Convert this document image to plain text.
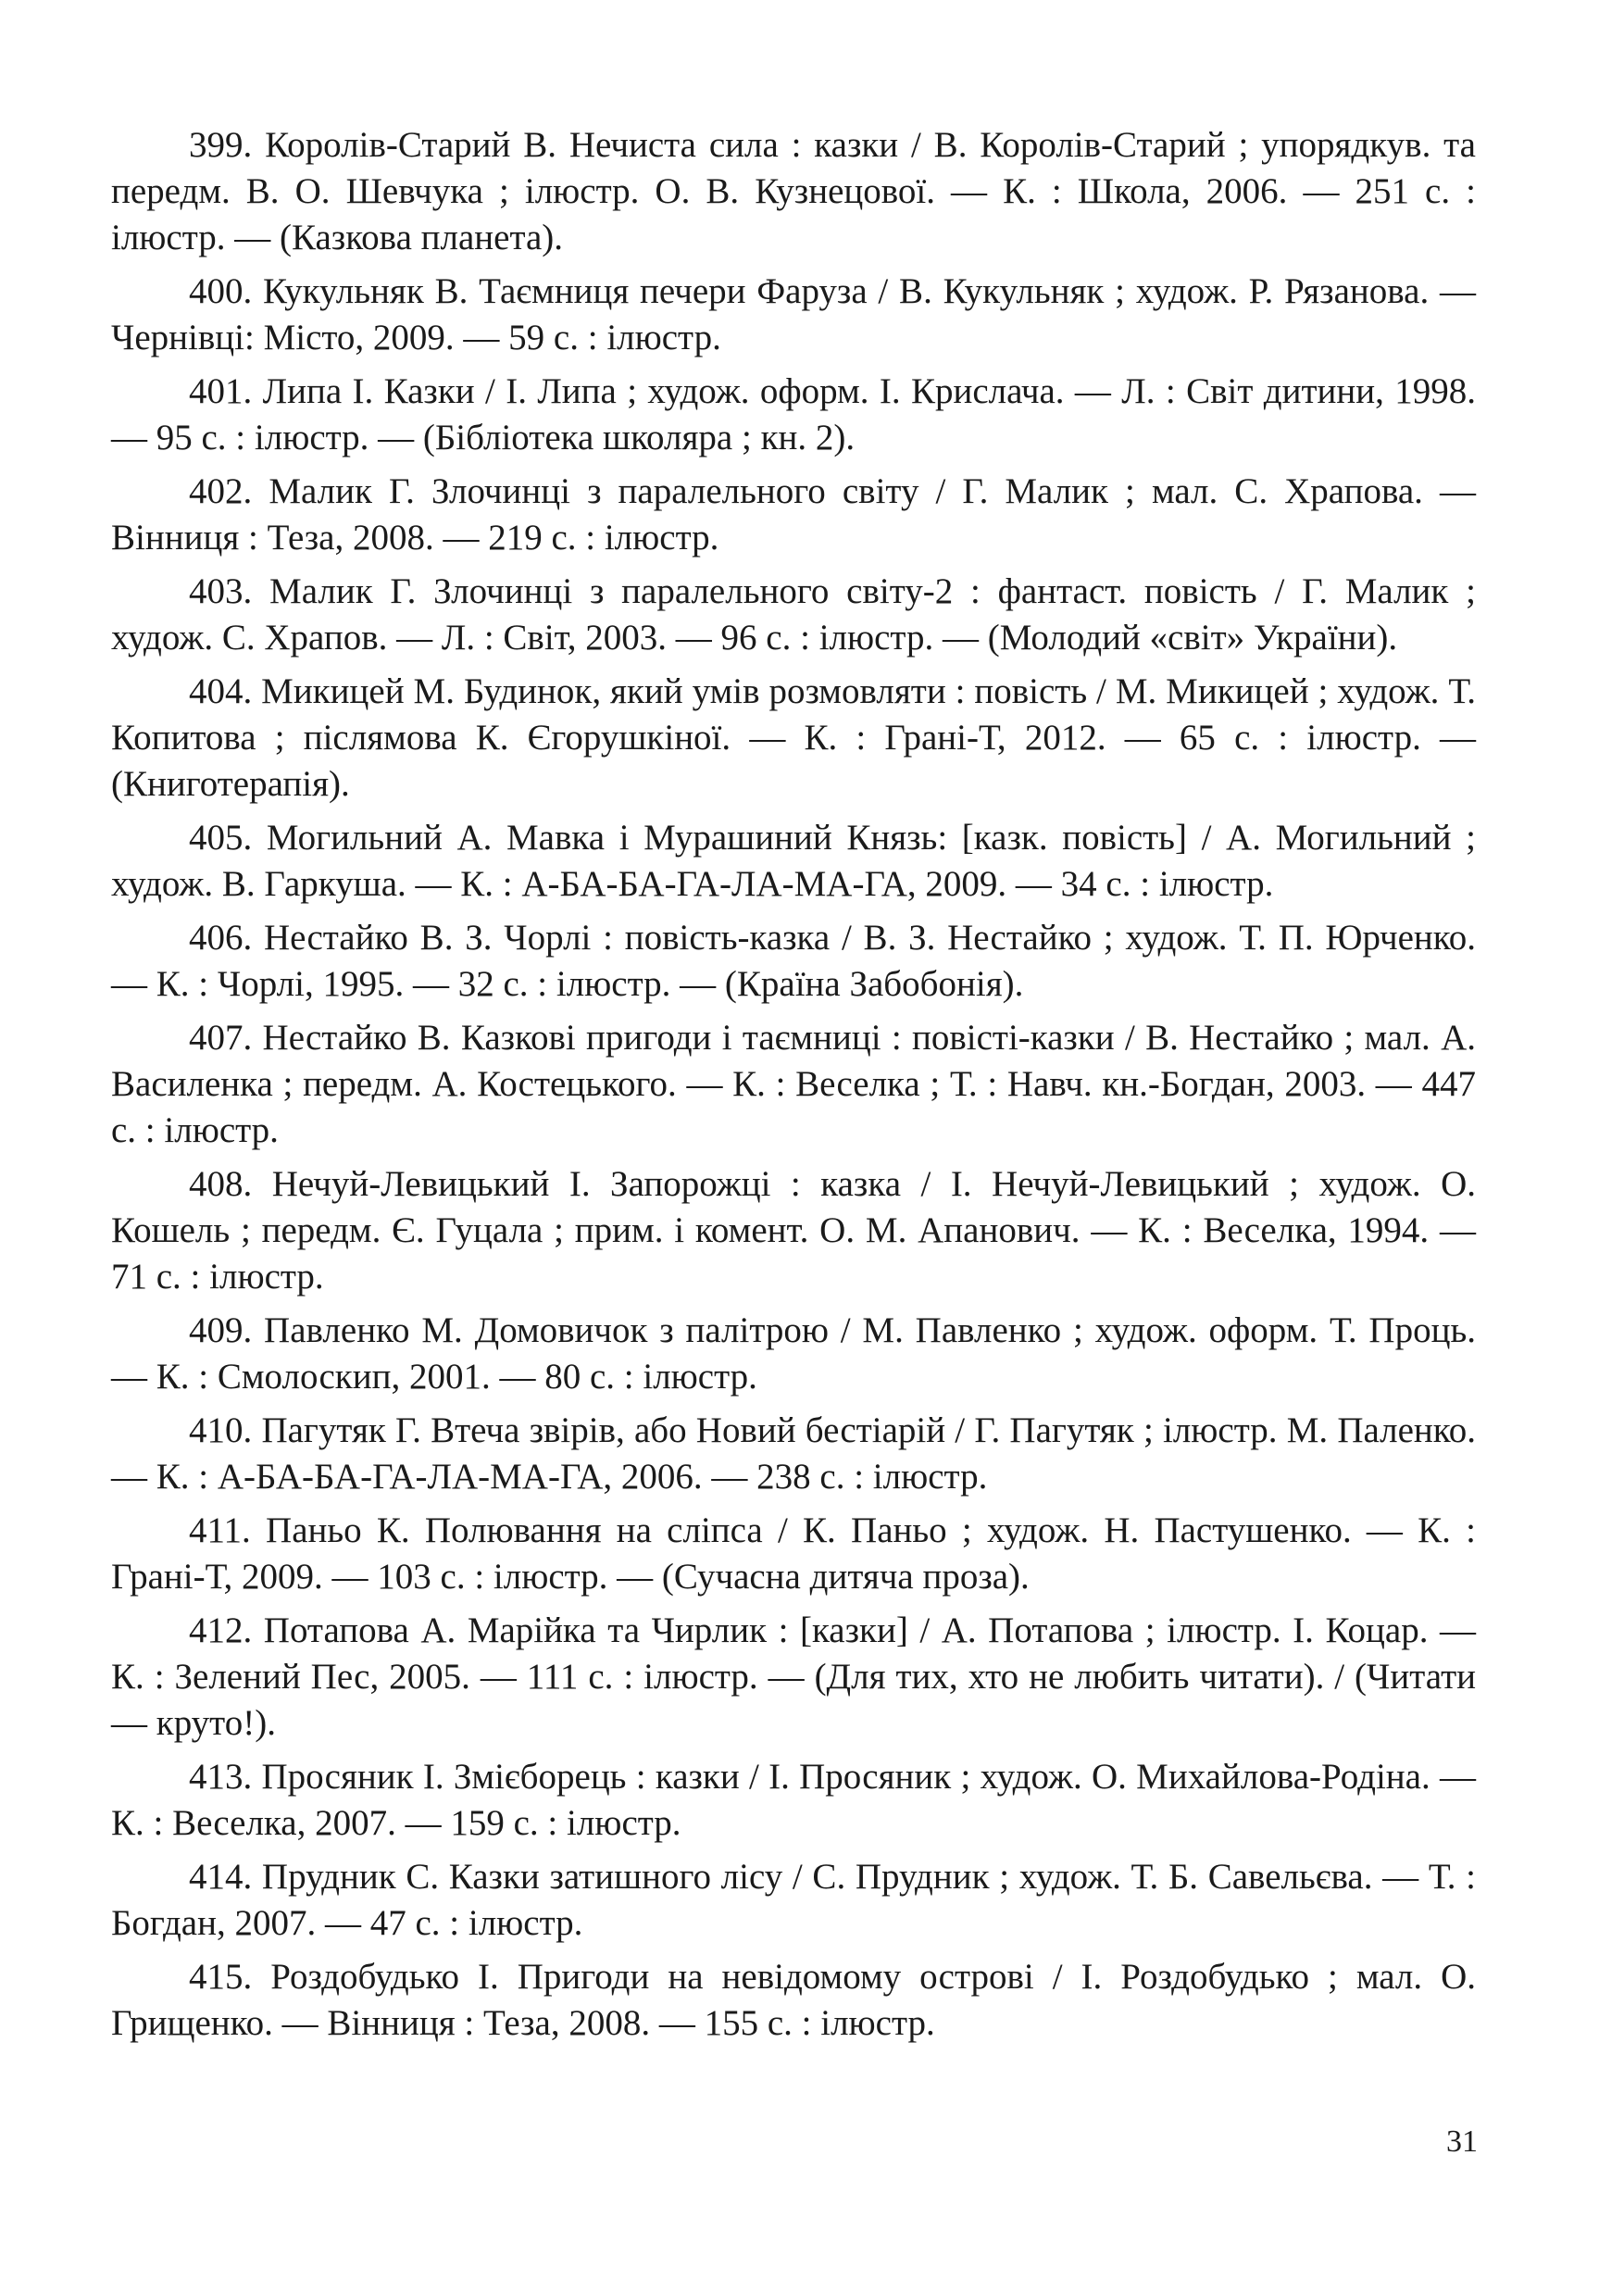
399. Королів-Старий В. Нечиста сила : казки / В. Королів-Старий ; упорядкув. та передм. В. О. Шевчука ; ілюстр. О. В. Кузнецової. — К. : Школа, 2006. — 251 с. : ілюстр. — (Казкова планета).

400. Кукульняк В. Таємниця печери Фаруза / В. Кукульняк ; худож. Р. Рязанова. — Чернівці: Місто, 2009. — 59 с. : ілюстр.

401. Липа І. Казки / І. Липа ; худож. оформ. І. Крислача. — Л. : Світ дитини, 1998. — 95 с. : ілюстр. — (Бібліотека школяра ; кн. 2).

402. Малик Г. Злочинці з паралельного світу / Г. Малик ; мал. С. Храпова. — Вінниця : Теза, 2008. — 219 с. : ілюстр.

403. Малик Г. Злочинці з паралельного світу-2 : фантаст. повість / Г. Малик ; худож. С. Храпов. — Л. : Світ, 2003. — 96 с. : ілюстр. — (Молодий «світ» України).

404. Микицей М. Будинок, який умів розмовляти : повість / М. Микицей ; худож. Т. Копитова ; післямова К. Єгорушкіної. — К. : Грані-Т, 2012. — 65 с. : ілюстр. — (Книготерапія).

405. Могильний А. Мавка і Мурашиний Князь: [казк. повість] / А. Могильний ; худож. В. Гаркуша. — К. : А-БА-БА-ГА-ЛА-МА-ГА, 2009. — 34 с. : ілюстр.

406. Нестайко В. З. Чорлі : повість-казка / В. З. Нестайко ; худож. Т. П. Юрченко. — К. : Чорлі, 1995. — 32 с. : ілюстр. — (Країна Забобонія).

407. Нестайко В. Казкові пригоди і таємниці : повісті-казки / В. Нестайко ; мал. А. Василенка ; передм. А. Костецького. — К. : Веселка ; Т. : Навч. кн.-Богдан, 2003. — 447 с. : ілюстр.

408. Нечуй-Левицький І. Запорожці : казка / І. Нечуй-Левицький ; худож. О. Кошель ; передм. Є. Гуцала ; прим. і комент. О. М. Апанович. — К. : Веселка, 1994. — 71 с. : ілюстр.

409. Павленко М. Домовичок з палітрою / М. Павленко ; худож. оформ. Т. Проць. — К. : Смолоскип, 2001. — 80 с. : ілюстр.

410. Пагутяк Г. Втеча звірів, або Новий бестіарій / Г. Пагутяк ; ілюстр. М. Паленко. — К. : А-БА-БА-ГА-ЛА-МА-ГА, 2006. — 238 с. : ілюстр.

411. Паньо К. Полювання на сліпса / К. Паньо ; худож. Н. Пастушенко. — К. : Грані-Т, 2009. — 103 с. : ілюстр. — (Сучасна дитяча проза).

412. Потапова А. Марійка та Чирлик : [казки] / А. Потапова ; ілюстр. І. Коцар. — К. : Зелений Пес, 2005. — 111 с. : ілюстр. — (Для тих, хто не любить читати). / (Читати — круто!).

413. Просяник І. Змієборець : казки / І. Просяник ; худож. О. Михайлова-Родіна. — К. : Веселка, 2007. — 159 с. : ілюстр.

414. Прудник С. Казки затишного лісу / С. Прудник ; худож. Т. Б. Савельєва. — Т. : Богдан, 2007. — 47 с. : ілюстр.

415. Роздобудько І. Пригоди на невідомому острові / І. Роздобудько ; мал. О. Грищенко. — Вінниця : Теза, 2008. — 155 с. : ілюстр.

31
